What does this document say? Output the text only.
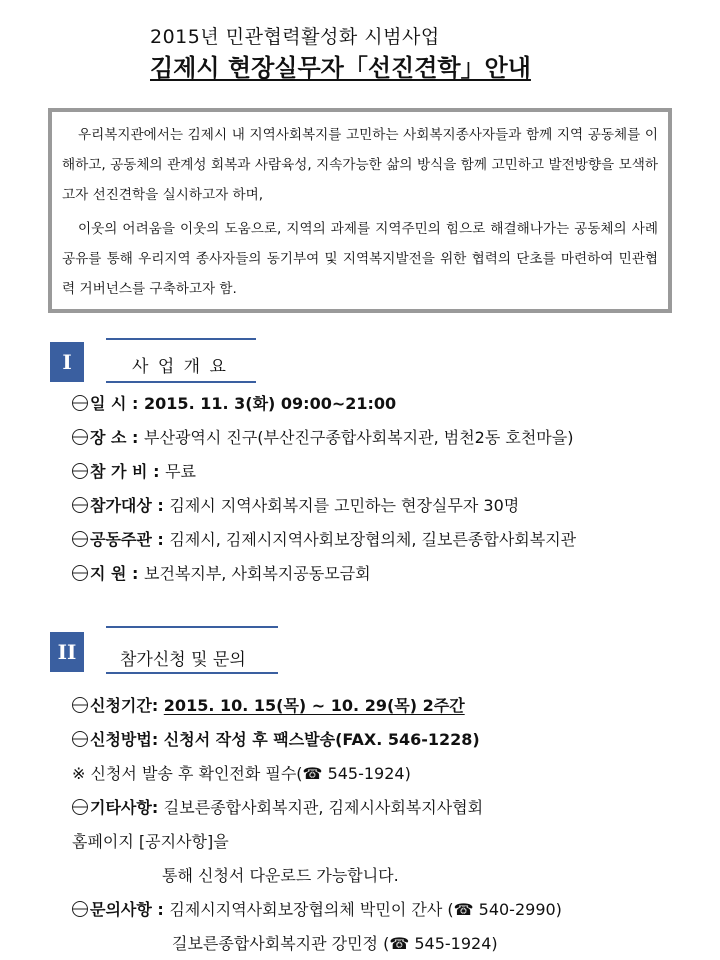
2015년 민관협력활성화 시범사업
김제시 현장실무자「선진견학」안내

우리복지관에서는 김제시 내 지역사회복지를 고민하는 사회복지종사자들과 함께 지역 공동체를 이해하고, 공동체의 관계성 회복과 사람육성, 지속가능한 삶의 방식을 함께 고민하고 발전방향을 모색하고자 선진견학을 실시하고자 하며,

이웃의 어려움을 이웃의 도움으로, 지역의 과제를 지역주민의 힘으로 해결해나가는 공동체의 사례공유를 통해 우리지역 종사자들의 동기부여 및 지역복지발전을 위한 협력의 단초를 마련하여 민관협력 거버넌스를 구축하고자 함.

I	사 업 개 요
일 시 : 2015. 11. 3(화) 09:00~21:00
장 소 : 부산광역시 진구(부산진구종합사회복지관, 범천2동 호천마을)
참 가 비 : 무료
참가대상 : 김제시 지역사회복지를 고민하는 현장실무자 30명
공동주관 : 김제시, 김제시지역사회보장협의체, 길보른종합사회복지관
지 원 : 보건복지부, 사회복지공동모금회
II	참가신청 및 문의
신청기간: 2015. 10. 15(목) ~ 10. 29(목) 2주간
신청방법: 신청서 작성 후 팩스발송(FAX. 546-1228)
※ 신청서 발송 후 확인전화 필수(☎ 545-1924)
기타사항: 길보른종합사회복지관, 김제시사회복지사협회
홈페이지 [공지사항]을
통해 신청서 다운로드 가능합니다.
문의사항 : 김제시지역사회보장협의체 박민이 간사 (☎ 540-2990)
길보른종합사회복지관 강민정 (☎ 545-1924)
